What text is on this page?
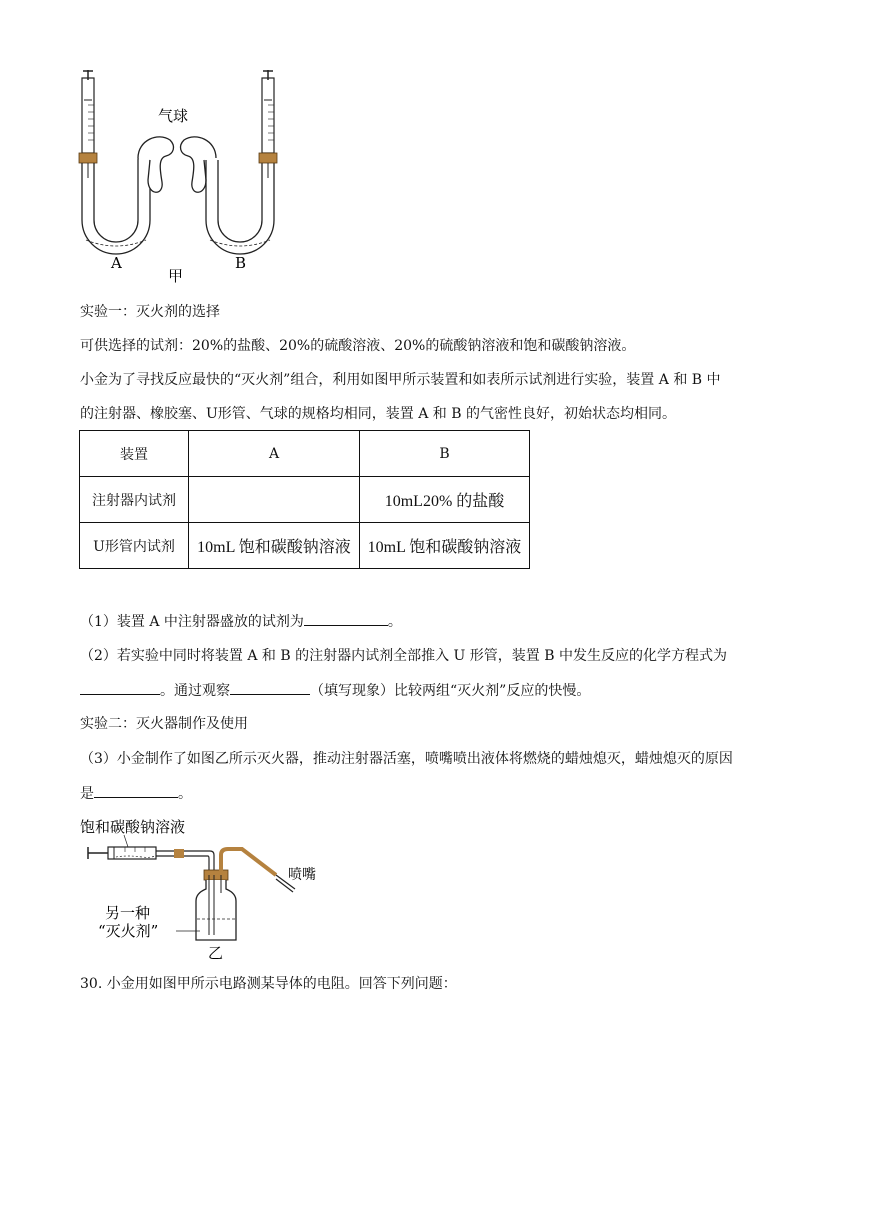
气球
A	B
甲
实验一：灭火剂的选择
可供选择的试剂：20%的盐酸、20%的硫酸溶液、20%的硫酸钠溶液和饱和碳酸钠溶液。
小金为了寻找反应最快的“灭火剂”组合，利用如图甲所示装置和如表所示试剂进行实验，装置 A 和 B 中
的注射器、橡胶塞、U形管、气球的规格均相同，装置 A 和 B 的气密性良好，初始状态均相同。
装置	A	B
注射器内试剂		10mL20% 的盐酸
U形管内试剂	10mL 饱和碳酸钠溶液	10mL 饱和碳酸钠溶液
（1）装置 A 中注射器盛放的试剂为	。
（2）若实验中同时将装置 A 和 B 的注射器内试剂全部推入 U 形管，装置 B 中发生反应的化学方程式为
。通过观察	（填写现象）比较两组“灭火剂”反应的快慢。
实验二：灭火器制作及使用
（3）小金制作了如图乙所示灭火器，推动注射器活塞，喷嘴喷出液体将燃烧的蜡烛熄灭，蜡烛熄灭的原因
是	。
饱和碳酸钠溶液
喷嘴
另一种
“灭火剂”
乙
30. 小金用如图甲所示电路测某导体的电阻。回答下列问题：
